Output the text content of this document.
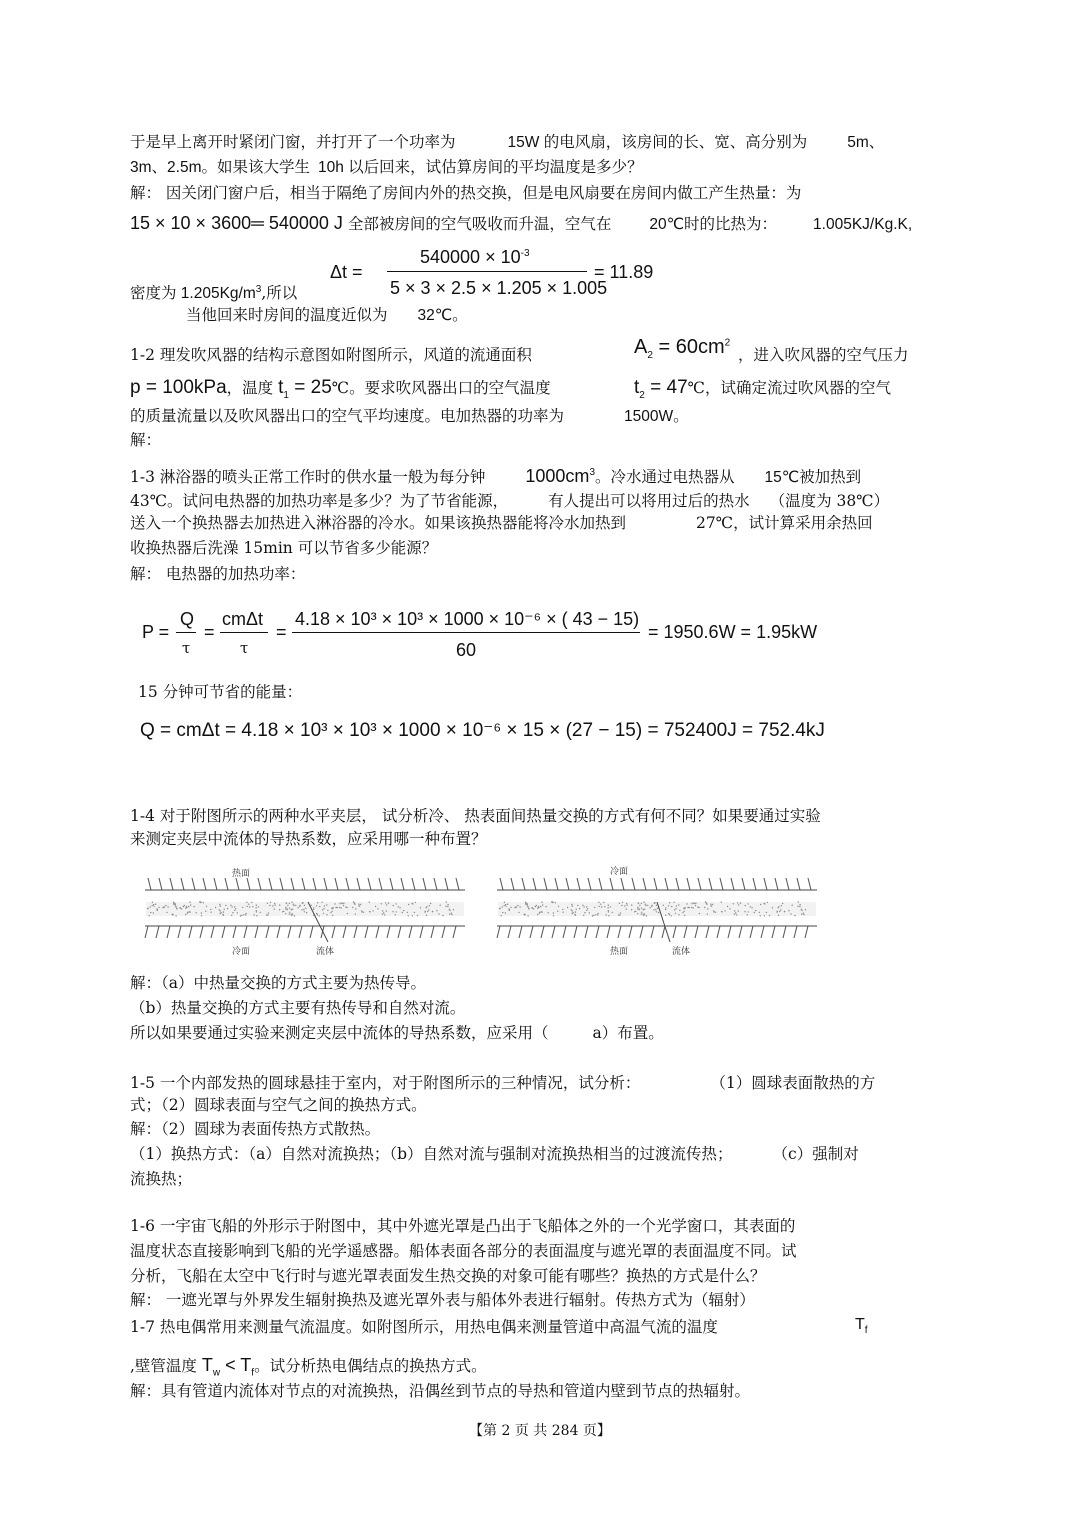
于是早上离开时紧闭门窗，并打开了一个功率为	15W 的电风扇，该房间的长、宽、高分别为	5m、
3m、2.5m。如果该大学生 10h 以后回来，试估算房间的平均温度是多少？
解： 因关闭门窗户后，相当于隔绝了房间内外的热交换，但是电风扇要在房间内做工产生热量：为
15 × 10 × 3600═ 540000 J 全部被房间的空气吸收而升温，空气在 20℃时的比热为： 1.005KJ/Kg.K,
Δt =
$540000 \times 10^{-3}$
5 × 3 × 2.5 × 1.205 × 1.005
= 11.89
密度为 $1.205Kg/m^3$,所以
当他回来时房间的温度近似为 32℃。
1-2 理发吹风器的结构示意图如附图所示，风道的流通面积	$A_2 = 60cm^2$
，进入吹风器的空气压力
p = 100kPa，温度 $t_1$ = 25℃。要求吹风器出口的空气温度	$t_2$ = 47℃，试确定流过吹风器的空气
的质量流量以及吹风器出口的空气平均速度。电加热器的功率为	1500W。
解：
1-3 淋浴器的喷头正常工作时的供水量一般为每分钟 $1000cm^3$。冷水通过电热器从 15℃被加热到
43℃。试问电热器的加热功率是多少？为了节省能源，	有人提出可以将用过后的热水 （温度为 38℃）
送入一个换热器去加热进入淋浴器的冷水。如果该换热器能将冷水加热到	27℃，试计算采用余热回
收换热器后洗澡 15min 可以节省多少能源？
解： 电热器的加热功率：
P =
Q
τ
=
cmΔt
τ
=
4.18 × 10³ × 10³ × 1000 × 10⁻⁶ × ( 43 − 15)
60
= 1950.6W = 1.95kW
15 分钟可节省的能量：
Q = cmΔt = 4.18 × 10³ × 10³ × 1000 × 10⁻⁶ × 15 × (27 − 15) = 752400J = 752.4kJ
1-4 对于附图所示的两种水平夹层， 试分析冷、 热表面间热量交换的方式有何不同？如果要通过实验
来测定夹层中流体的导热系数，应采用哪一种布置？
热面
冷面	流体
冷面
热面	流体
解：（a）中热量交换的方式主要为热传导。
（b）热量交换的方式主要有热传导和自然对流。
所以如果要通过实验来测定夹层中流体的导热系数，应采用（	a）布置。
1-5 一个内部发热的圆球悬挂于室内，对于附图所示的三种情况，试分析：	（1）圆球表面散热的方
式；（2）圆球表面与空气之间的换热方式。
解：（2）圆球为表面传热方式散热。
（1）换热方式：（a）自然对流换热；（b）自然对流与强制对流换热相当的过渡流传热；	（c）强制对
流换热；
1-6 一宇宙飞船的外形示于附图中，其中外遮光罩是凸出于飞船体之外的一个光学窗口，其表面的
温度状态直接影响到飞船的光学遥感器。船体表面各部分的表面温度与遮光罩的表面温度不同。试
分析，飞船在太空中飞行时与遮光罩表面发生热交换的对象可能有哪些？换热的方式是什么？
解： 一遮光罩与外界发生辐射换热及遮光罩外表与船体外表进行辐射。传热方式为（辐射）
1-7 热电偶常用来测量气流温度。如附图所示，用热电偶来测量管道中高温气流的温度	$T_f$
,壁管温度 $T_w < T_f$。试分析热电偶结点的换热方式。
解：具有管道内流体对节点的对流换热，沿偶丝到节点的导热和管道内壁到节点的热辐射。
【第 2 页 共 284 页】
